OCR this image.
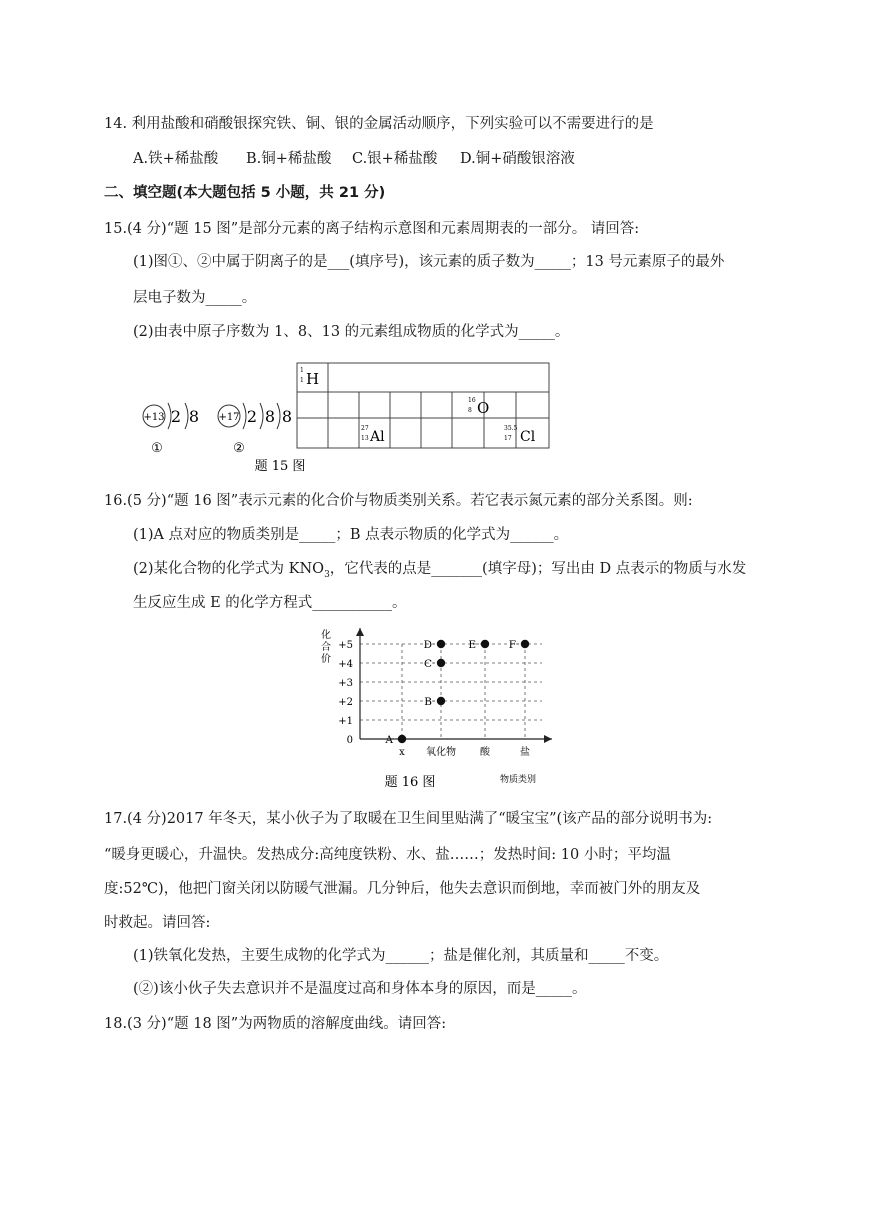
14. 利用盐酸和硝酸银探究铁、铜、银的金属活动顺序，下列实验可以不需要进行的是
A.铁+稀盐酸 B.铜+稀盐酸 C.银+稀盐酸 D.铜+硝酸银溶液
二、填空题(本大题包括 5 小题，共 21 分)
15.(4 分)“题 15 图”是部分元素的离子结构示意图和元素周期表的一部分。 请回答:
(1)图①、②中属于阴离子的是___(填序号)，该元素的质子数为_____；13 号元素原子的最外
层电子数为_____。
(2)由表中原子序数为 1、8、13 的元素组成物质的化学式为_____。
+13 2 8
①
+17 2 8 8
②
1
1 H
16
8 O
27
13 Al
35.5
17 Cl
题 15 图
16.(5 分)“题 16 图”表示元素的化合价与物质类别关系。若它表示氮元素的部分关系图。则:
(1)A 点对应的物质类别是_____；B 点表示物质的化学式为______。
(2)某化合物的化学式为 $KNO_3$，它代表的点是_______(填字母)；写出由 D 点表示的物质与水发
生反应生成 E 的化学方程式___________。
+5
+4
+3
+2
+1
0
x 氧化物 酸	盐
A
B
C
D	E	F
化
合
价
物质类别
题 16 图
17.(4 分)2017 年冬天，某小伙子为了取暖在卫生间里贴满了“暖宝宝”(该产品的部分说明书为:
“暖身更暖心，升温快。发热成分:高纯度铁粉、水、盐……；发热时间: 10 小时；平均温
度:52℃)，他把门窗关闭以防暖气泄漏。几分钟后，他失去意识而倒地，幸而被门外的朋友及
时救起。请回答:
(1)铁氧化发热，主要生成物的化学式为______；盐是催化剂，其质量和_____不变。
(②)该小伙子失去意识并不是温度过高和身体本身的原因，而是_____。
18.(3 分)“题 18 图”为两物质的溶解度曲线。请回答:
